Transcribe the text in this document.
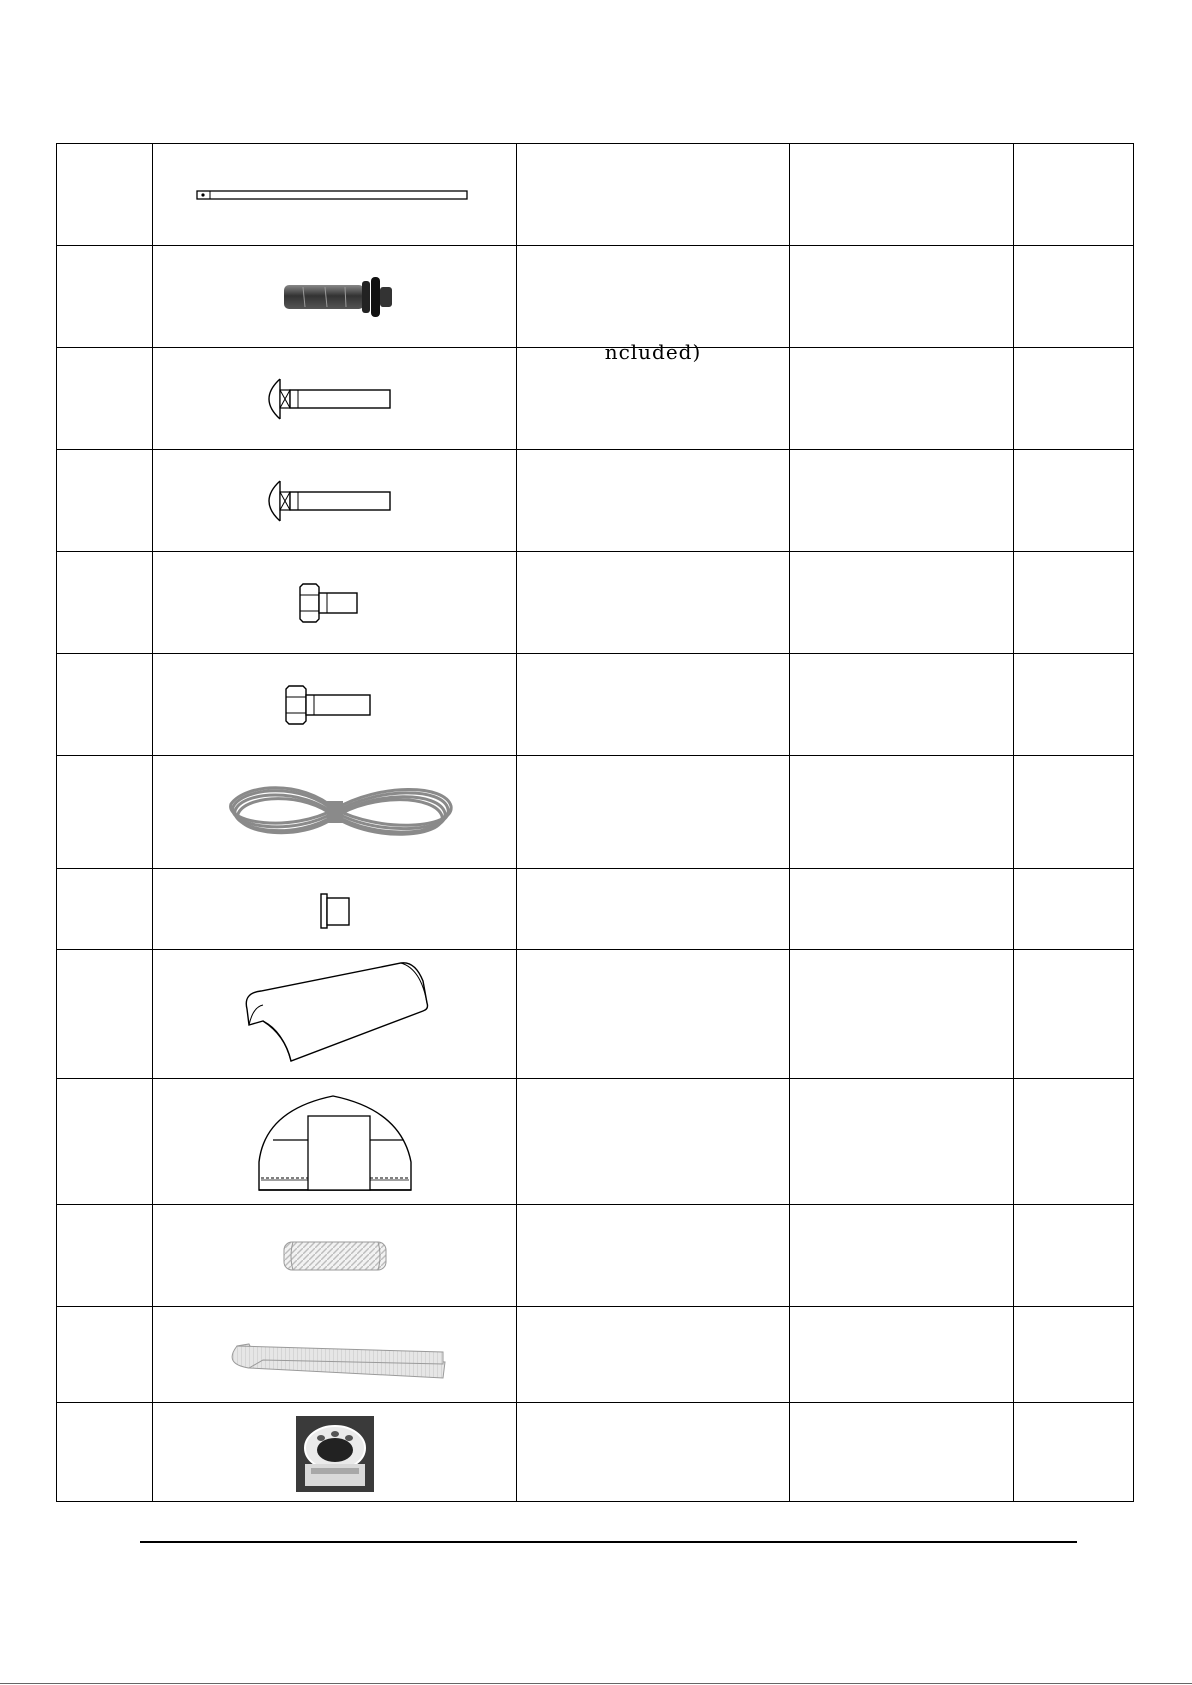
ncluded)		
